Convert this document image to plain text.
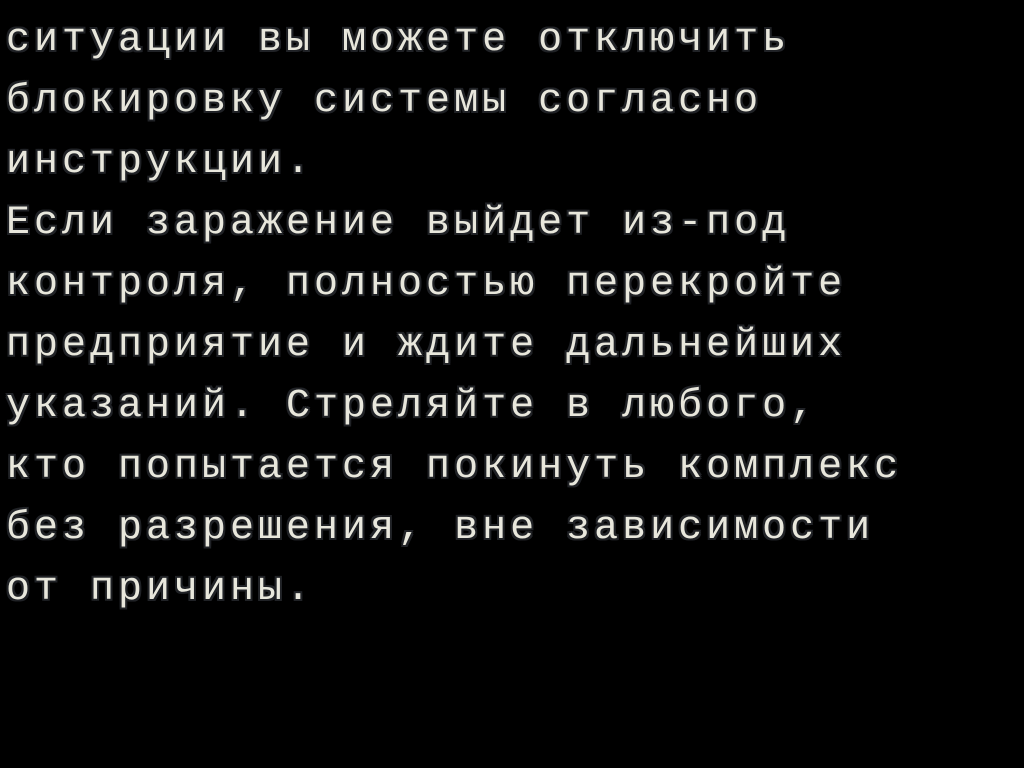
ситуации вы можете отключить
блокировку системы согласно
инструкции.
Если заражение выйдет из-под
контроля, полностью перекройте
предприятие и ждите дальнейших
указаний. Стреляйте в любого,
кто попытается покинуть комплекс
без разрешения, вне зависимости
от причины.
